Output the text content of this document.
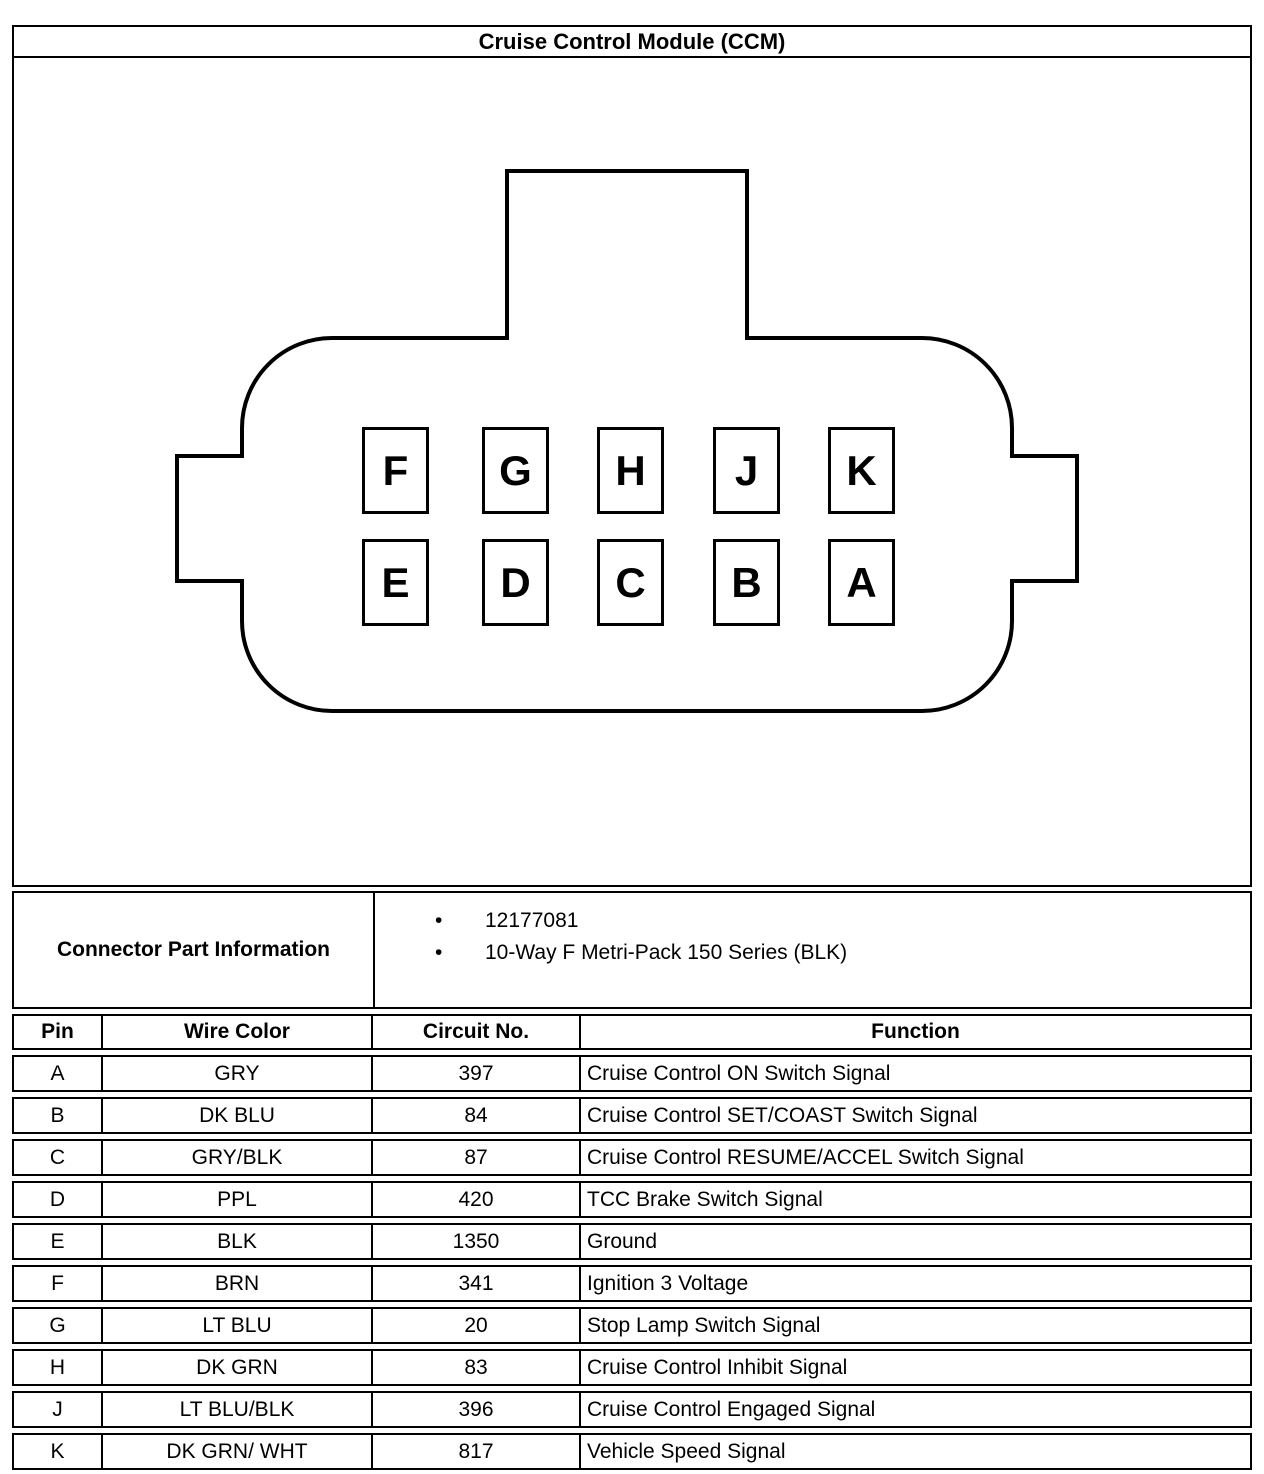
Cruise Control Module (CCM)
F	G	H	J	K
E	D	C	B	A
Connector Part Information
•	12177081
•	10-Way F Metri-Pack 150 Series (BLK)
Pin	Wire Color	Circuit No.	Function
A	GRY	397	Cruise Control ON Switch Signal
B	DK BLU	84	Cruise Control SET/COAST Switch Signal
C	GRY/BLK	87	Cruise Control RESUME/ACCEL Switch Signal
D	PPL	420	TCC Brake Switch Signal
E	BLK	1350	Ground
F	BRN	341	Ignition 3 Voltage
G	LT BLU	20	Stop Lamp Switch Signal
H	DK GRN	83	Cruise Control Inhibit Signal
J	LT BLU/BLK	396	Cruise Control Engaged Signal
K	DK GRN/ WHT	817	Vehicle Speed Signal
